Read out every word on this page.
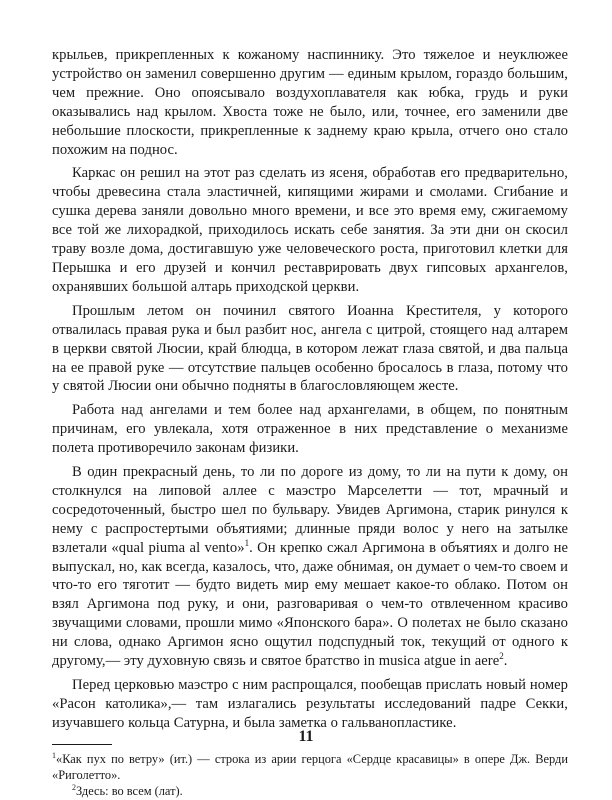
крыльев, прикрепленных к кожаному наспиннику. Это тяжелое и неуклюжее устройство он заменил совершенно другим — единым крылом, гораздо большим, чем прежние. Оно опоясывало воздухоплавателя как юбка, грудь и руки оказывались над крылом. Хвоста тоже не было, или, точнее, его заменили две небольшие плоскости, прикрепленные к заднему краю крыла, отчего оно стало похожим на поднос.

Каркас он решил на этот раз сделать из ясеня, обработав его предварительно, чтобы древесина стала эластичней, кипящими жирами и смолами. Сгибание и сушка дерева заняли довольно много времени, и все это время ему, сжигаемому все той же лихорадкой, приходилось искать себе занятия. За эти дни он скосил траву возле дома, достигавшую уже человеческого роста, приготовил клетки для Перышка и его друзей и кончил реставрировать двух гипсовых архангелов, охранявших большой алтарь приходской церкви.

Прошлым летом он починил святого Иоанна Крестителя, у которого отвалилась правая рука и был разбит нос, ангела с цитрой, стоящего над алтарем в церкви святой Люсии, край блюдца, в котором лежат глаза святой, и два пальца на ее правой руке — отсутствие пальцев особенно бросалось в глаза, потому что у святой Люсии они обычно подняты в благословляющем жесте.

Работа над ангелами и тем более над архангелами, в общем, по понятным причинам, его увлекала, хотя отраженное в них представление о механизме полета противоречило законам физики.

В один прекрасный день, то ли по дороге из дому, то ли на пути к дому, он столкнулся на липовой аллее с маэстро Марселетти — тот, мрачный и сосредоточенный, быстро шел по бульвару. Увидев Аргимона, старик ринулся к нему с распростертыми объятиями; длинные пряди волос у него на затылке взлетали «qual piuma al vento»$^1$. Он крепко сжал Аргимона в объятиях и долго не выпускал, но, как всегда, казалось, что, даже обнимая, он думает о чем-то своем и что-то его тяготит — будто видеть мир ему мешает какое-то облако. Потом он взял Аргимона под руку, и они, разговаривая о чем-то отвлеченном красиво звучащими словами, прошли мимо «Японского бара». О полетах не было сказано ни слова, однако Аргимон ясно ощутил подспудный ток, текущий от одного к другому,— эту духовную связь и святое братство in musica atgue in aere$^2$.

Перед церковью маэстро с ним распрощался, пообещав прислать новый номер «Расон католика»,— там излагались результаты исследований падре Секки, изучавшего кольца Сатурна, и была заметка о гальванопластике.

$^1$«Как пух по ветру» (ит.) — строка из арии герцога «Сердце красавицы» в опере Дж. Верди «Риголетто».

$^2$Здесь: во всем (лат).

11
